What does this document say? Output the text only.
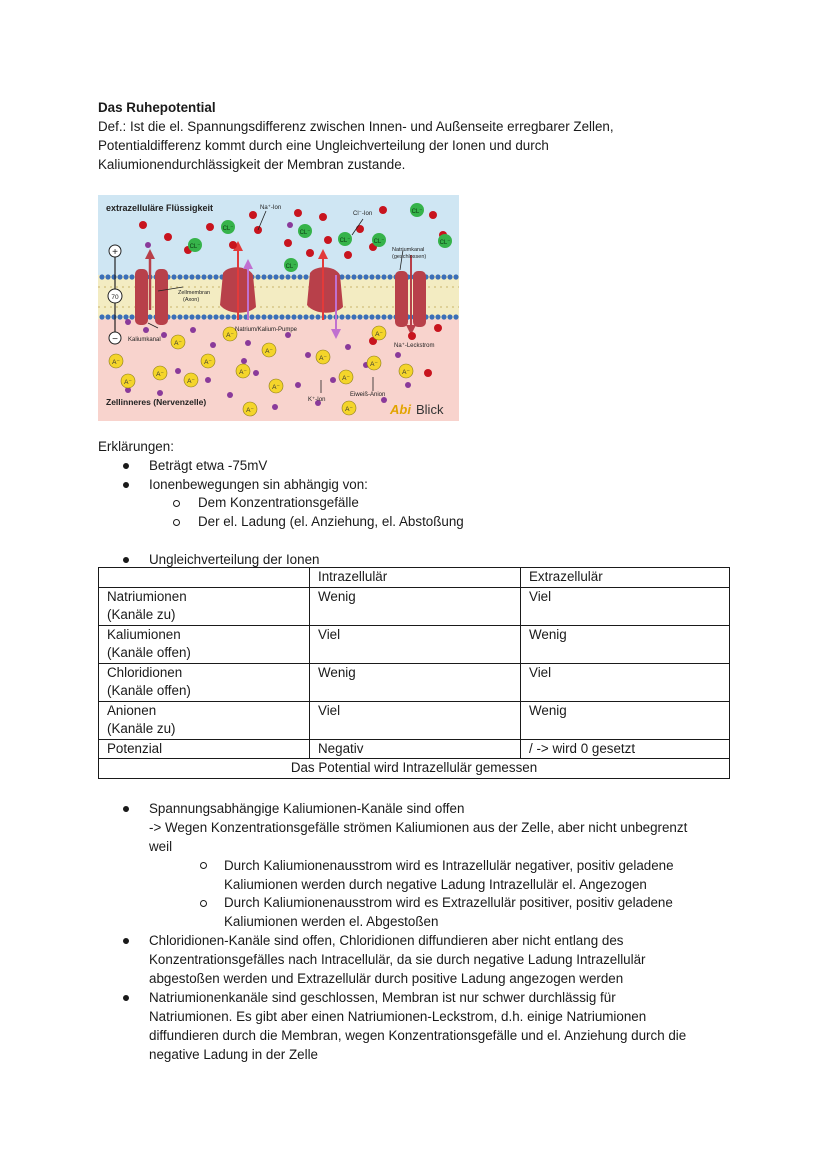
Das Ruhepotential
Def.: Ist die el. Spannungsdifferenz zwischen Innen- und Außenseite erregbarer Zellen,
Potentialdifferenz kommt durch eine Ungleichverteilung der Ionen und durch
Kaliumionendurchlässigkeit der Membran zustande.
+
70
−
CL⁻
CL⁻
CL⁻
CL⁻	CL⁻
CL⁻
CL⁻
CL⁻
A⁻
A⁻
A⁻
A⁻
A⁻
A⁻
A⁻
A⁻
A⁻
A⁻
A⁻
A⁻
A⁻
A⁻
A⁻
A⁻	A⁻
extrazelluläre Flüssigkeit	Na⁺-Ion
Cl⁻-Ion
Natriumkanal
(geschlossen)
Zellmembran
(Axon)
Kaliumkanal
Natrium/Kalium-Pumpe
Na⁺-Leckstrom
K⁺-Ion
Eiweiß-Anion
Zellinneres (Nervenzelle)	Abi Blick
Erklärungen:
Beträgt etwa -75mV
Ionenbewegungen sin abhängig von:
Dem Konzentrationsgefälle
Der el. Ladung (el. Anziehung, el. Abstoßung
Ungleichverteilung der Ionen
	Intrazellulär	Extrazellulär

Natriumionen
(Kanäle zu)	Wenig	Viel

Kaliumionen
(Kanäle offen)	Viel	Wenig

Chloridionen
(Kanäle offen)	Wenig	Viel

Anionen
(Kanäle zu)	Viel	Wenig
Potenzial	Negativ	/ -> wird 0 gesetzt
Das Potential wird Intrazellulär gemessen		
Spannungsabhängige Kaliumionen-Kanäle sind offen
-> Wegen Konzentrationsgefälle strömen Kaliumionen aus der Zelle, aber nicht unbegrenzt
weil
Durch Kaliumionenausstrom wird es Intrazellulär negativer, positiv geladene
Kaliumionen werden durch negative Ladung Intrazellulär el. Angezogen
Durch Kaliumionenausstrom wird es Extrazellulär positiver, positiv geladene
Kaliumionen werden el. Abgestoßen
Chloridionen-Kanäle sind offen, Chloridionen diffundieren aber nicht entlang des
Konzentrationsgefälles nach Intracellulär, da sie durch negative Ladung Intrazellulär
abgestoßen werden und Extrazellulär durch positive Ladung angezogen werden
Natriumionenkanäle sind geschlossen, Membran ist nur schwer durchlässig für
Natriumionen. Es gibt aber einen Natriumionen-Leckstrom, d.h. einige Natriumionen
diffundieren durch die Membran, wegen Konzentrationsgefälle und el. Anziehung durch die
negative Ladung in der Zelle
